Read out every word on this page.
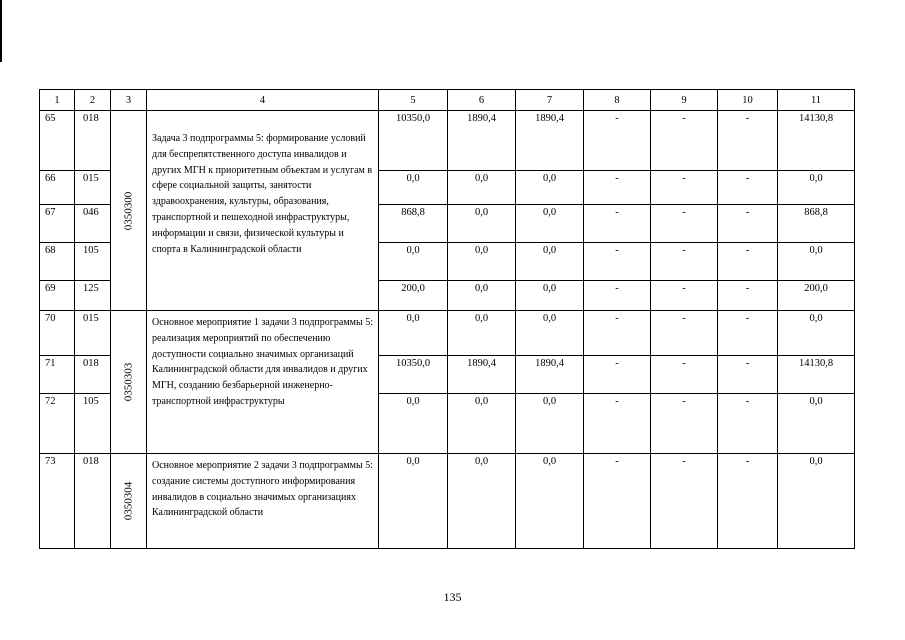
1	2	3	4	5	6	7	8	9	10	11
65	018	0350300	Задача 3 подпрограммы 5: формирование условий для беспрепятственного доступа инвалидов и других МГН к приоритетным объектам и услугам в сфере социальной защиты, занятости здравоохранения, культуры, образования, транспортной и пешеходной инфраструктуры, информации и связи, физической культуры и спорта в Калининградской области	10350,0	1890,4	1890,4	-	-	-	14130,8
66	015			0,0	0,0	0,0	-	-	-	0,0
67	046			868,8	0,0	0,0	-	-	-	868,8
68	105			0,0	0,0	0,0	-	-	-	0,0
69	125			200,0	0,0	0,0	-	-	-	200,0
70	015	0350303	Основное мероприятие 1 задачи 3 подпрограммы 5: реализация мероприятий по обеспечению доступности социально значимых организаций Калининградской области для инвалидов и других МГН, созданию безбарьерной инженерно-транспортной инфраструктуры	0,0	0,0	0,0	-	-	-	0,0
71	018			10350,0	1890,4	1890,4	-	-	-	14130,8
72	105			0,0	0,0	0,0	-	-	-	0,0
73	018	0350304	Основное мероприятие 2 задачи 3 подпрограммы 5: создание системы доступного информирования инвалидов в социально значимых организациях Калининградской области	0,0	0,0	0,0	-	-	-	0,0
135
